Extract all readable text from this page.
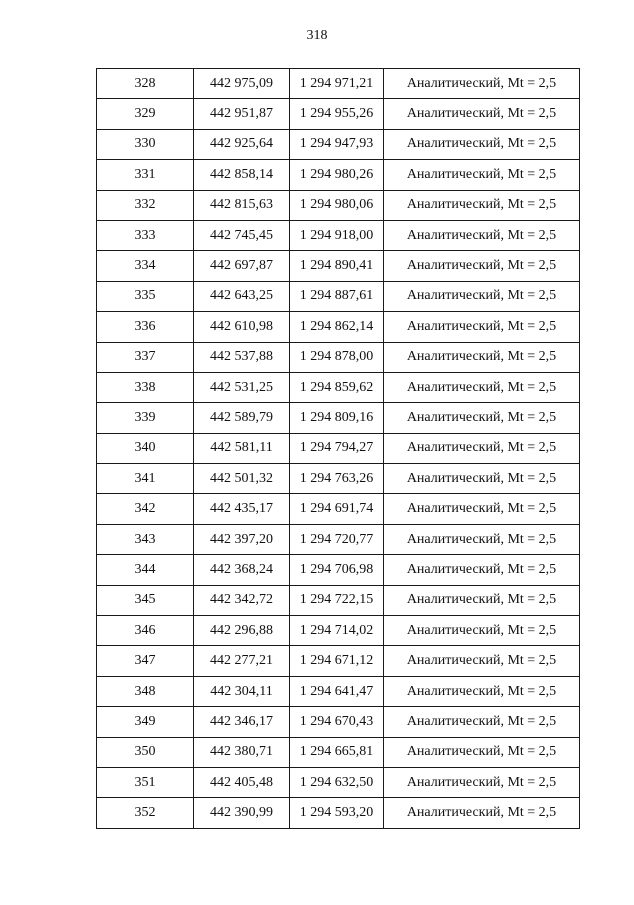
318
328	442 975,09	1 294 971,21	Аналитический, Mt = 2,5
329	442 951,87	1 294 955,26	Аналитический, Mt = 2,5
330	442 925,64	1 294 947,93	Аналитический, Mt = 2,5
331	442 858,14	1 294 980,26	Аналитический, Mt = 2,5
332	442 815,63	1 294 980,06	Аналитический, Mt = 2,5
333	442 745,45	1 294 918,00	Аналитический, Mt = 2,5
334	442 697,87	1 294 890,41	Аналитический, Mt = 2,5
335	442 643,25	1 294 887,61	Аналитический, Mt = 2,5
336	442 610,98	1 294 862,14	Аналитический, Mt = 2,5
337	442 537,88	1 294 878,00	Аналитический, Mt = 2,5
338	442 531,25	1 294 859,62	Аналитический, Mt = 2,5
339	442 589,79	1 294 809,16	Аналитический, Mt = 2,5
340	442 581,11	1 294 794,27	Аналитический, Mt = 2,5
341	442 501,32	1 294 763,26	Аналитический, Mt = 2,5
342	442 435,17	1 294 691,74	Аналитический, Mt = 2,5
343	442 397,20	1 294 720,77	Аналитический, Mt = 2,5
344	442 368,24	1 294 706,98	Аналитический, Mt = 2,5
345	442 342,72	1 294 722,15	Аналитический, Mt = 2,5
346	442 296,88	1 294 714,02	Аналитический, Mt = 2,5
347	442 277,21	1 294 671,12	Аналитический, Mt = 2,5
348	442 304,11	1 294 641,47	Аналитический, Mt = 2,5
349	442 346,17	1 294 670,43	Аналитический, Mt = 2,5
350	442 380,71	1 294 665,81	Аналитический, Mt = 2,5
351	442 405,48	1 294 632,50	Аналитический, Mt = 2,5
352	442 390,99	1 294 593,20	Аналитический, Mt = 2,5
